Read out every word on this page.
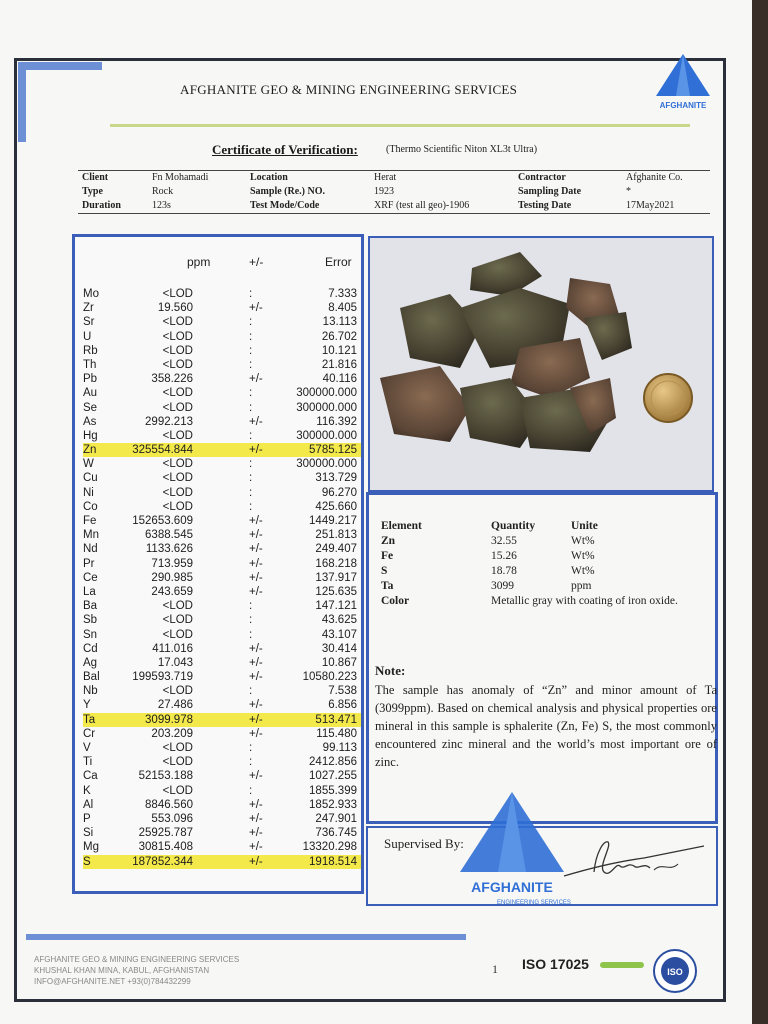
AFGHANITE GEO & MINING ENGINEERING SERVICES
AFGHANITE
Certificate of Verification:	(Thermo Scientific Niton XL3t Ultra)
Client	Fn Mohamadi	Location	Herat	Contractor	Afghanite Co.
Type	Rock	Sample (Re.) NO.	1923	Sampling Date	*
Duration	123s	Test Mode/Code	XRF (test all geo)-1906	Testing Date	17May2021
ppm	+/-	Error
Mo	<LOD	:	7.333
Zr	19.560	+/-	8.405
Sr	<LOD	:	13.113
U	<LOD	:	26.702
Rb	<LOD	:	10.121
Th	<LOD	:	21.816
Pb	358.226	+/-	40.116
Au	<LOD	:	300000.000
Se	<LOD	:	300000.000
As	2992.213	+/-	116.392
Hg	<LOD	:	300000.000
Zn	325554.844	+/-	5785.125
W	<LOD	:	300000.000
Cu	<LOD	:	313.729
Ni	<LOD	:	96.270
Co	<LOD	:	425.660
Fe	152653.609	+/-	1449.217
Mn	6388.545	+/-	251.813
Nd	1133.626	+/-	249.407
Pr	713.959	+/-	168.218
Ce	290.985	+/-	137.917
La	243.659	+/-	125.635
Ba	<LOD	:	147.121
Sb	<LOD	:	43.625
Sn	<LOD	:	43.107
Cd	411.016	+/-	30.414
Ag	17.043	+/-	10.867
Bal	199593.719	+/-	10580.223
Nb	<LOD	:	7.538
Y	27.486	+/-	6.856
Ta	3099.978	+/-	513.471
Cr	203.209	+/-	115.480
V	<LOD	:	99.113
Ti	<LOD	:	2412.856
Ca	52153.188	+/-	1027.255
K	<LOD	:	1855.399
Al	8846.560	+/-	1852.933
P	553.096	+/-	247.901
Si	25925.787	+/-	736.745
Mg	30815.408	+/-	13320.298
S	187852.344	+/-	1918.514
Element	Quantity	Unite
Zn	32.55	Wt%
Fe	15.26	Wt%
S	18.78	Wt%
Ta	3099	ppm
Color	Metallic gray with coating of iron oxide.
Note:
The sample has anomaly of “Zn” and minor amount of Ta (3099ppm). Based on chemical analysis and physical properties ore mineral in this sample is sphalerite (Zn, Fe) S, the most commonly encountered zinc mineral and the world’s most important ore of zinc.
Supervised By:
AFGHANITE
ENGINEERING SERVICES
AFGHANITE GEO & MINING ENGINEERING SERVICES
KHUSHAL KHAN MINA, KABUL, AFGHANISTAN
INFO@AFGHANITE.NET +93(0)784432299
1 ISO 17025	ISO
